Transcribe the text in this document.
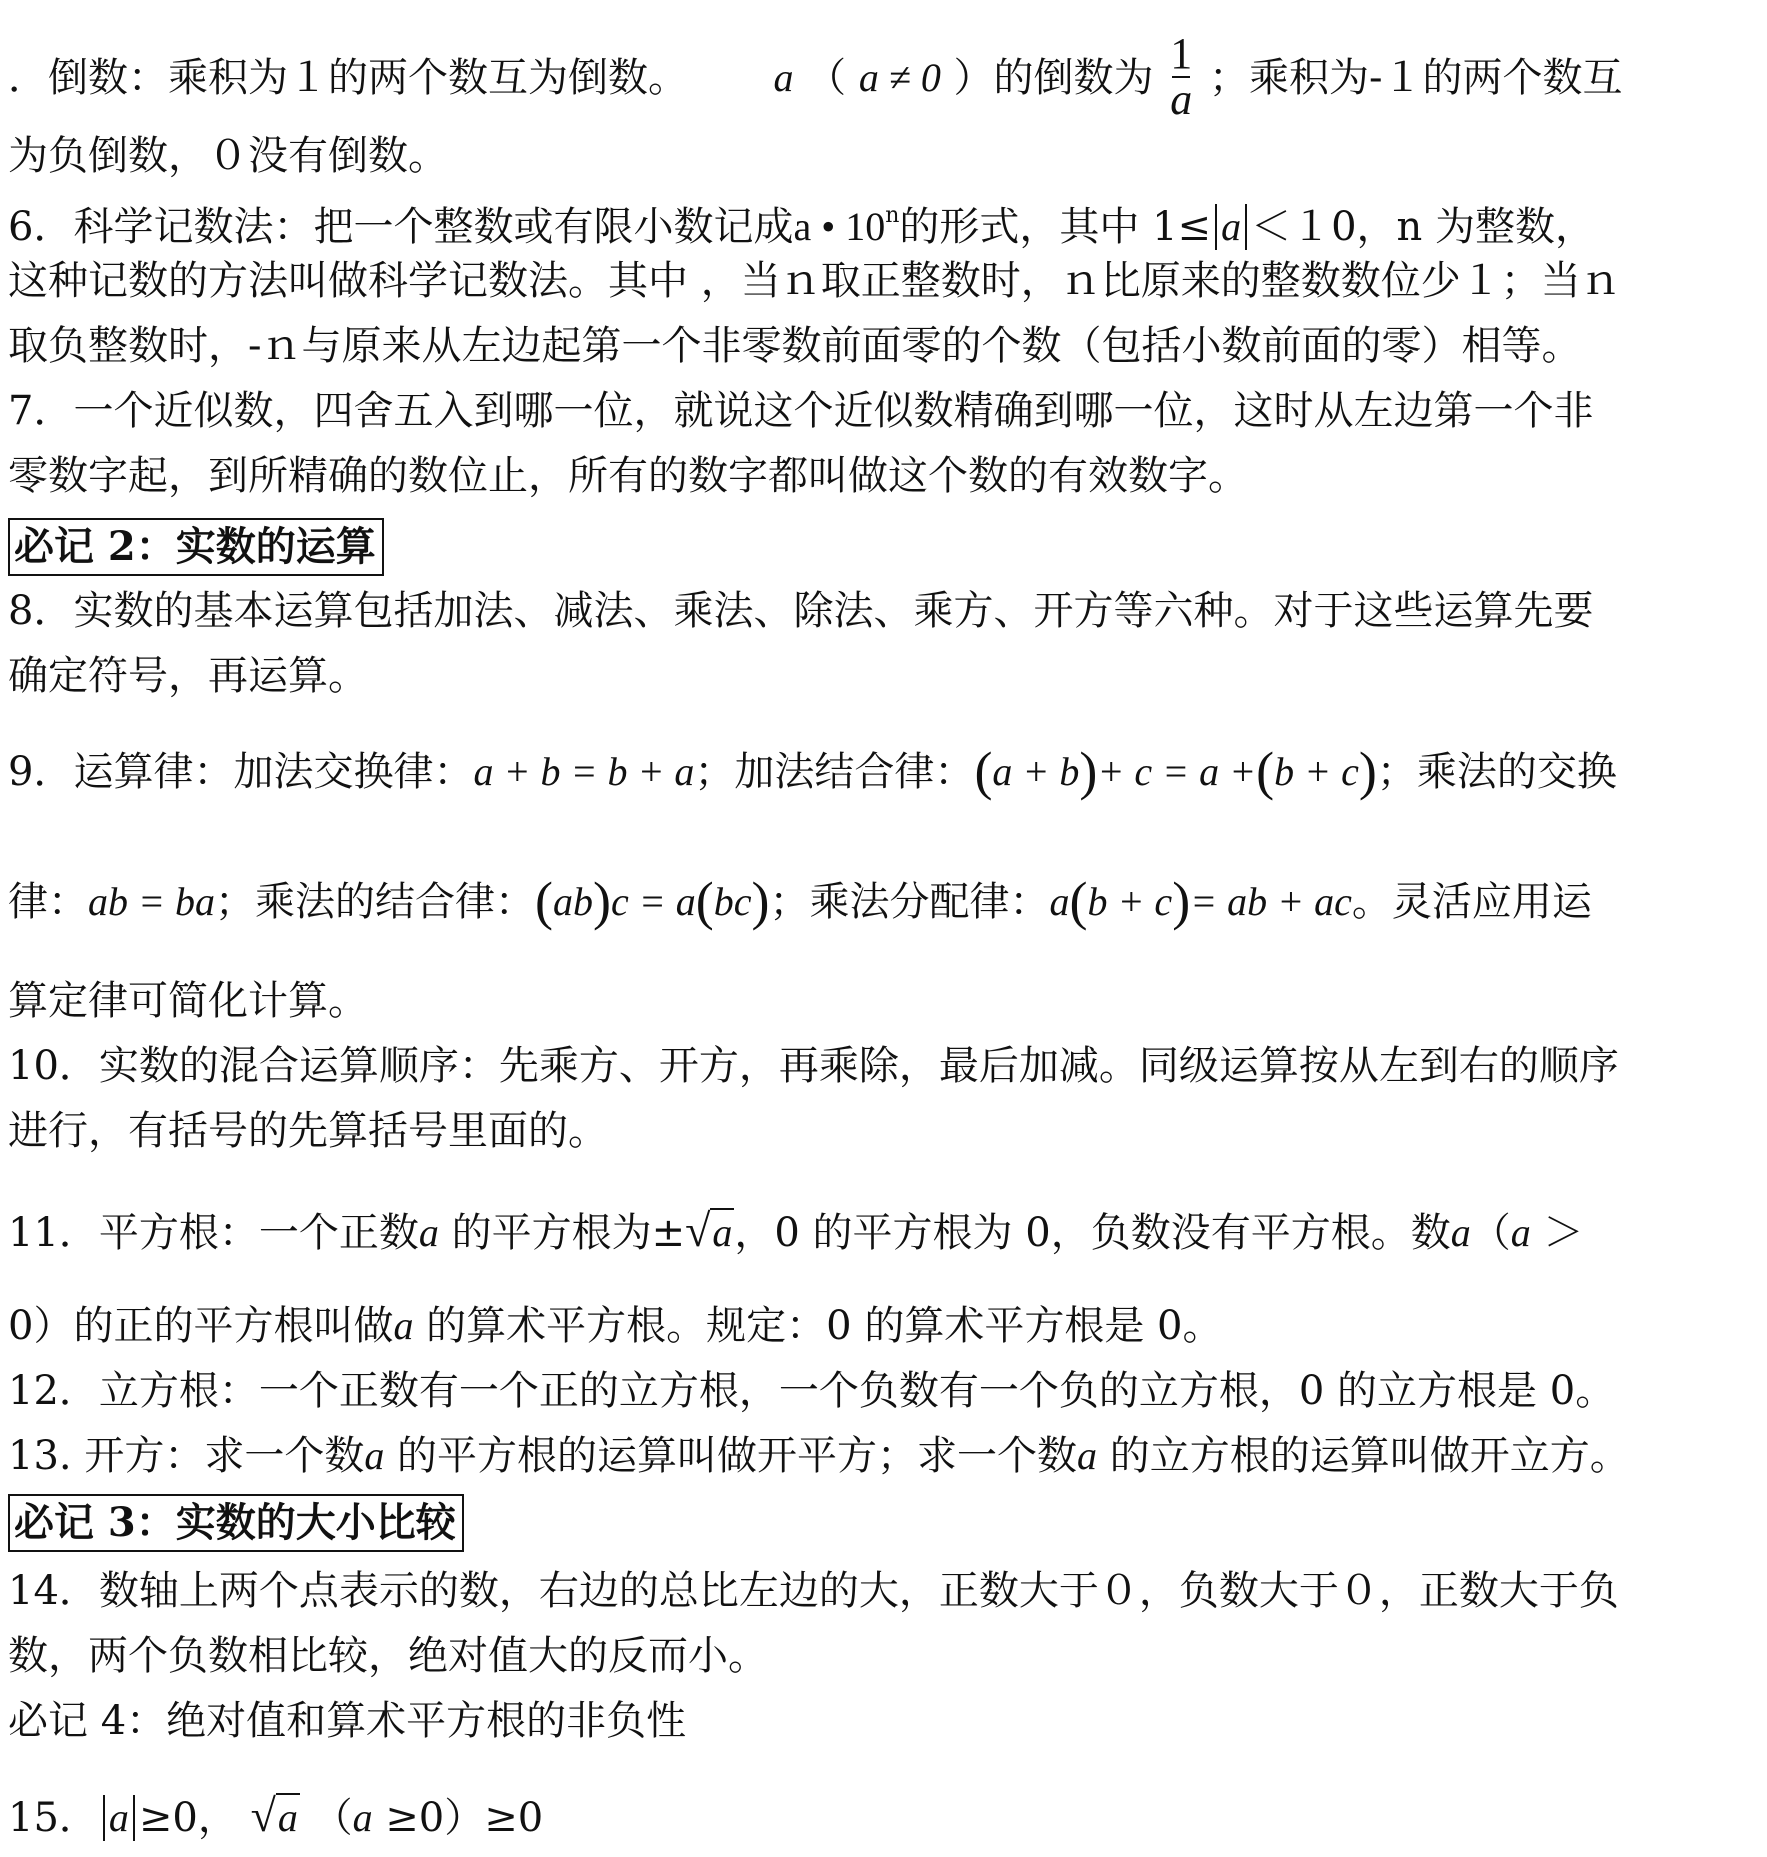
．倒数：乘积为１的两个数互为倒数。 a （ a ≠ 0 ）的倒数为 $\frac{1}{a}$ ；乘积为-１的两个数互
为负倒数，０没有倒数。
6．科学记数法：把一个整数或有限小数记成a • 10$^n$的形式，其中 1≤ a ＜１0，n 为整数，
这种记数的方法叫做科学记数法。其中 ，当ｎ取正整数时，ｎ比原来的整数数位少１；当ｎ
取负整数时，-ｎ与原来从左边起第一个非零数前面零的个数（包括小数前面的零）相等。
7．一个近似数，四舍五入到哪一位，就说这个近似数精确到哪一位，这时从左边第一个非
零数字起，到所精确的数位止，所有的数字都叫做这个数的有效数字。
必记 2：实数的运算
8．实数的基本运算包括加法、减法、乘法、除法、乘方、开方等六种。对于这些运算先要
确定符号，再运算。
9．运算律：加法交换律：a + b = b + a；加法结合律：(a + b)+ c = a +(b + c)；乘法的交换
律：ab = ba；乘法的结合律：(ab)c = a(bc)；乘法分配律：a(b + c)= ab + ac。灵活应用运
算定律可简化计算。
10．实数的混合运算顺序：先乘方、开方，再乘除，最后加减。同级运算按从左到右的顺序
进行，有括号的先算括号里面的。
11．平方根：一个正数a 的平方根为±√a，0 的平方根为 0，负数没有平方根。数a（a ＞
0）的正的平方根叫做a 的算术平方根。规定：0 的算术平方根是 0。
12．立方根：一个正数有一个正的立方根，一个负数有一个负的立方根，0 的立方根是 0。
13. 开方：求一个数a 的平方根的运算叫做开平方；求一个数a 的立方根的运算叫做开立方。
必记 3：实数的大小比较
14．数轴上两个点表示的数，右边的总比左边的大，正数大于０，负数大于０，正数大于负
数，两个负数相比较，绝对值大的反而小。
必记 4：绝对值和算术平方根的非负性
15． a ≥0， √a （a ≥0）≥0
